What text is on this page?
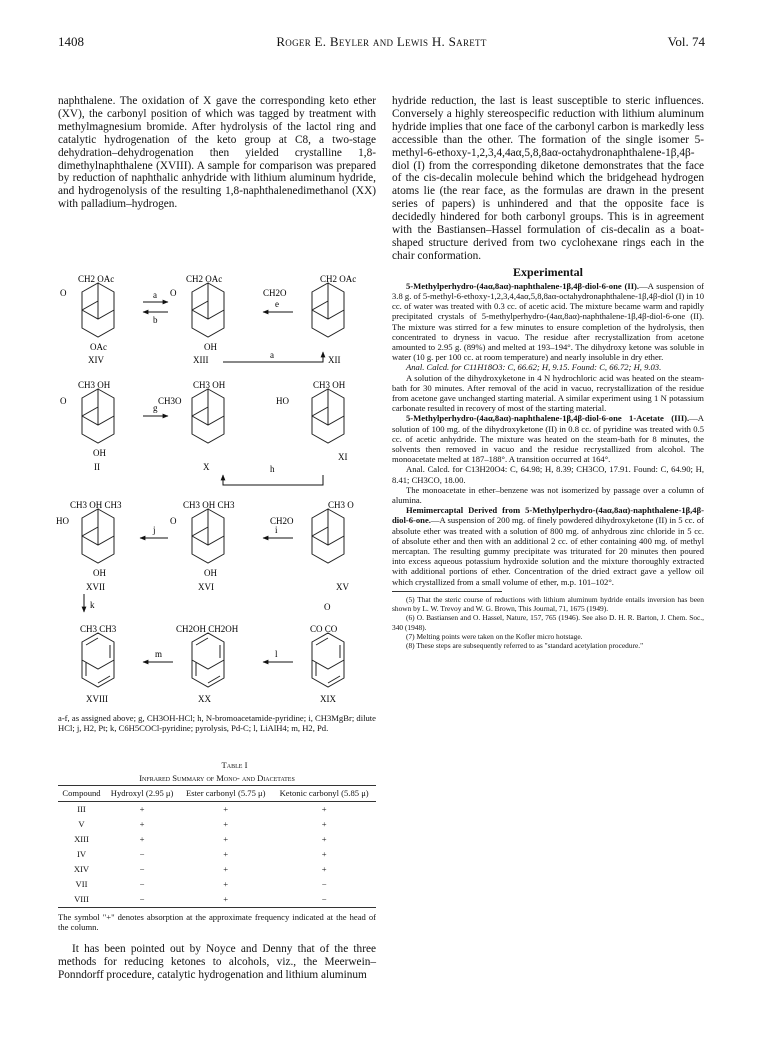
1408	Roger E. Beyler and Lewis H. Sarett	Vol. 74

naphthalene. The oxidation of X gave the corresponding keto ether (XV), the carbonyl position of which was tagged by treatment with methylmagnesium bromide. After hydrolysis of the lactol ring and catalytic hydrogenation of the keto group at C8, a two-stage dehydration–dehydrogenation then yielded crystalline 1,8-dimethylnaphthalene (XVIII). A sample for comparison was prepared by reduction of naphthalic anhydride with lithium aluminum hydride, and hydrogenolysis of the resulting 1,8-naphthalenedimethanol (XX) with palladium–hydrogen.

CH2 OAc
O
OAc
XIV
CH2 OAc
O
OH
XIII
CH2 OAc
CH2O
XII
a
b
e
a
CH3 OH
O
OH
II
CH3 OH
CH3O
X
CH3 OH
HO
XI
g
h
CH3 OH CH3
HO
OH
XVII
CH3 OH CH3
O
OH
XVI
CH3 O
CH2O
XV
j	i
k
CH3 CH3
XVIII
CH2OH CH2OH
XX
O
CO CO
XIX
m	l

a-f, as assigned above; g, CH3OH-HCl; h, N-bromoacetamide-pyridine; i, CH3MgBr; dilute HCl; j, H2, Pt; k, C6H5COCl-pyridine; pyrolysis, Pd-C; l, LiAlH4; m, H2, Pd.

Table I
Infrared Summary of Mono- and Diacetates
Compound	Hydroxyl (2.95 μ)	Ester carbonyl (5.75 μ)	Ketonic carbonyl (5.85 μ)
III	+	+	+
V	+	+	+
XIII	+	+	+
IV	−	+	+
XIV	−	+	+
VII	−	+	−
VIII	−	+	−

The symbol "+" denotes absorption at the approximate frequency indicated at the head of the column.

It has been pointed out by Noyce and Denny that of the three methods for reducing ketones to alcohols, viz., the Meerwein–Ponndorff procedure, catalytic hydrogenation and lithium aluminum

hydride reduction, the last is least susceptible to steric influences. Conversely a highly stereospecific reduction with lithium aluminum hydride implies that one face of the carbonyl carbon is markedly less accessible than the other. The formation of the single isomer 5-methyl-6-ethoxy-1,2,3,4,4aα,5,8,8aα-octahydronaphthalene-1β,4β-diol (I) from the corresponding diketone demonstrates that the face of the cis-decalin molecule behind which the bridgehead hydrogen atoms lie (the rear face, as the formulas are drawn in the present series of papers) is unhindered and that the opposite face is decidedly hindered for both carbonyl groups. This is in agreement with the Bastiansen–Hassel formulation of cis-decalin as a boat-shaped structure derived from two cyclohexane rings each in the chair conformation.

Experimental

5-Methylperhydro-(4aα,8aα)-naphthalene-1β,4β-diol-6-one (II).—A suspension of 3.8 g. of 5-methyl-6-ethoxy-1,2,3,4,4aα,5,8,8aα-octahydronaphthalene-1β,4β-diol (I) in 10 cc. of water was treated with 0.3 cc. of acetic acid. The mixture became warm and rapidly precipitated crystals of 5-methylperhydro-(4aα,8aα)-naphthalene-1β,4β-diol-6-one (II). The mixture was stirred for a few minutes to ensure completion of the hydrolysis, then concentrated to dryness in vacuo. The residue after recrystallization from acetone amounted to 2.95 g. (89%) and melted at 193–194°. The dihydroxy ketone was soluble in water (10 g. per 100 cc. at room temperature) and nearly insoluble in dry ether.

Anal. Calcd. for C11H18O3: C, 66.62; H, 9.15. Found: C, 66.72; H, 9.03.

A solution of the dihydroxyketone in 4 N hydrochloric acid was heated on the steam-bath for 30 minutes. After removal of the acid in vacuo, recrystallization of the residue from acetone gave unchanged starting material. A similar experiment using 1 N potassium carbonate resulted in recovery of most of the starting material.

5-Methylperhydro-(4aα,8aα)-naphthalene-1β,4β-diol-6-one 1-Acetate (III).—A solution of 100 mg. of the dihydroxyketone (II) in 0.8 cc. of pyridine was treated with 0.5 cc. of acetic anhydride. The mixture was heated on the steam-bath for 8 minutes, the solvents then removed in vacuo and the residue recrystallized from alcohol. The monoacetate melted at 187–188°. A transition occurred at 164°.

Anal. Calcd. for C13H20O4: C, 64.98; H, 8.39; CH3CO, 17.91. Found: C, 64.90; H, 8.41; CH3CO, 18.00.

The monoacetate in ether–benzene was not isomerized by passage over a column of alumina.

Hemimercaptal Derived from 5-Methylperhydro-(4aα,8aα)-naphthalene-1β,4β-diol-6-one.—A suspension of 200 mg. of finely powdered dihydroxyketone (II) in 5 cc. of absolute ether was treated with a solution of 800 mg. of anhydrous zinc chloride in 5 cc. of absolute ether and then with an additional 2 cc. of ether containing 400 mg. of methyl mercaptan. The resulting gummy precipitate was triturated for 20 minutes then poured into excess aqueous potassium hydroxide solution and the mixture thoroughly extracted with additional portions of ether. Concentration of the dried extract gave a yellow oil which crystallized from a small volume of ether, m.p. 101–102°.

(5) That the steric course of reductions with lithium aluminum hydride entails inversion has been shown by L. W. Trevoy and W. G. Brown, This Journal, 71, 1675 (1949).

(6) O. Bastiansen and O. Hassel, Nature, 157, 765 (1946). See also D. H. R. Barton, J. Chem. Soc., 340 (1948).

(7) Melting points were taken on the Kofler micro hotstage.

(8) These steps are subsequently referred to as "standard acetylation procedure."
